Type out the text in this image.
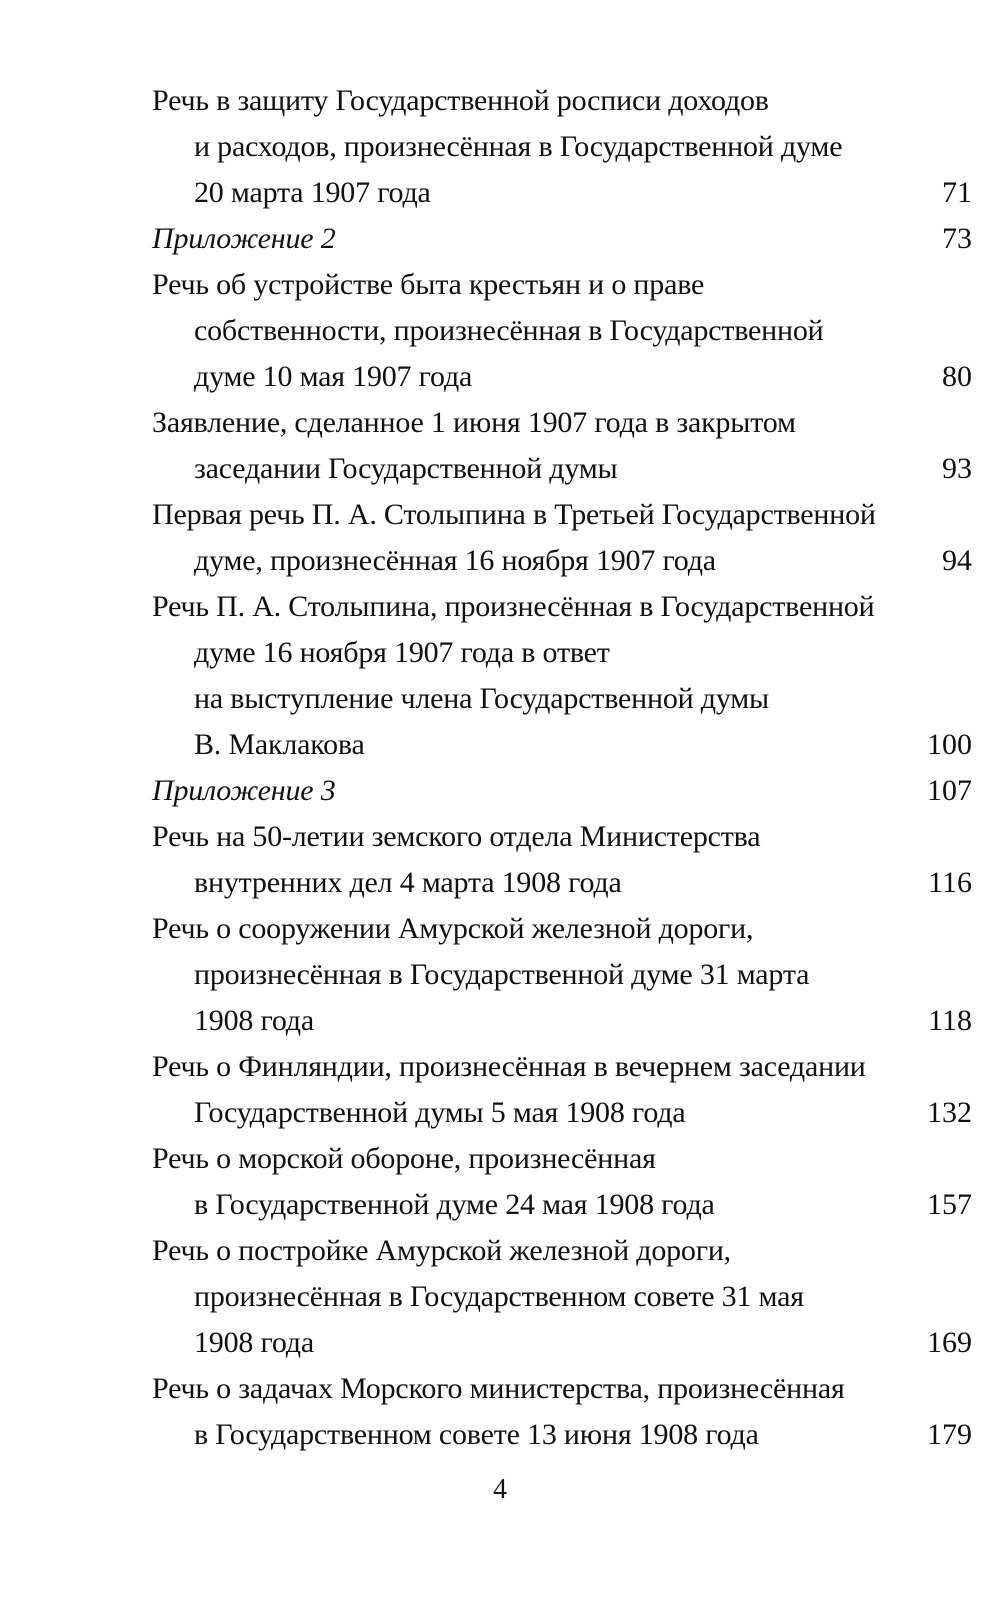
Речь в защиту Государственной росписи доходов
и расходов, произнесённая в Государственной думе
20 марта 1907 года	71
Приложение 2	73
Речь об устройстве быта крестьян и о праве
собственности, произнесённая в Государственной
думе 10 мая 1907 года	80
Заявление, сделанное 1 июня 1907 года в закрытом
заседании Государственной думы	93
Первая речь П. А. Столыпина в Третьей Государственной
думе, произнесённая 16 ноября 1907 года	94
Речь П. А. Столыпина, произнесённая в Государственной
думе 16 ноября 1907 года в ответ
на выступление члена Государственной думы
В. Маклакова	100
Приложение 3	107
Речь на 50-летии земского отдела Министерства
внутренних дел 4 марта 1908 года	116
Речь о сооружении Амурской железной дороги,
произнесённая в Государственной думе 31 марта
1908 года	118
Речь о Финляндии, произнесённая в вечернем заседании
Государственной думы 5 мая 1908 года	132
Речь о морской обороне, произнесённая
в Государственной думе 24 мая 1908 года	157
Речь о постройке Амурской железной дороги,
произнесённая в Государственном совете 31 мая
1908 года	169
Речь о задачах Морского министерства, произнесённая
в Государственном совете 13 июня 1908 года	179
4
